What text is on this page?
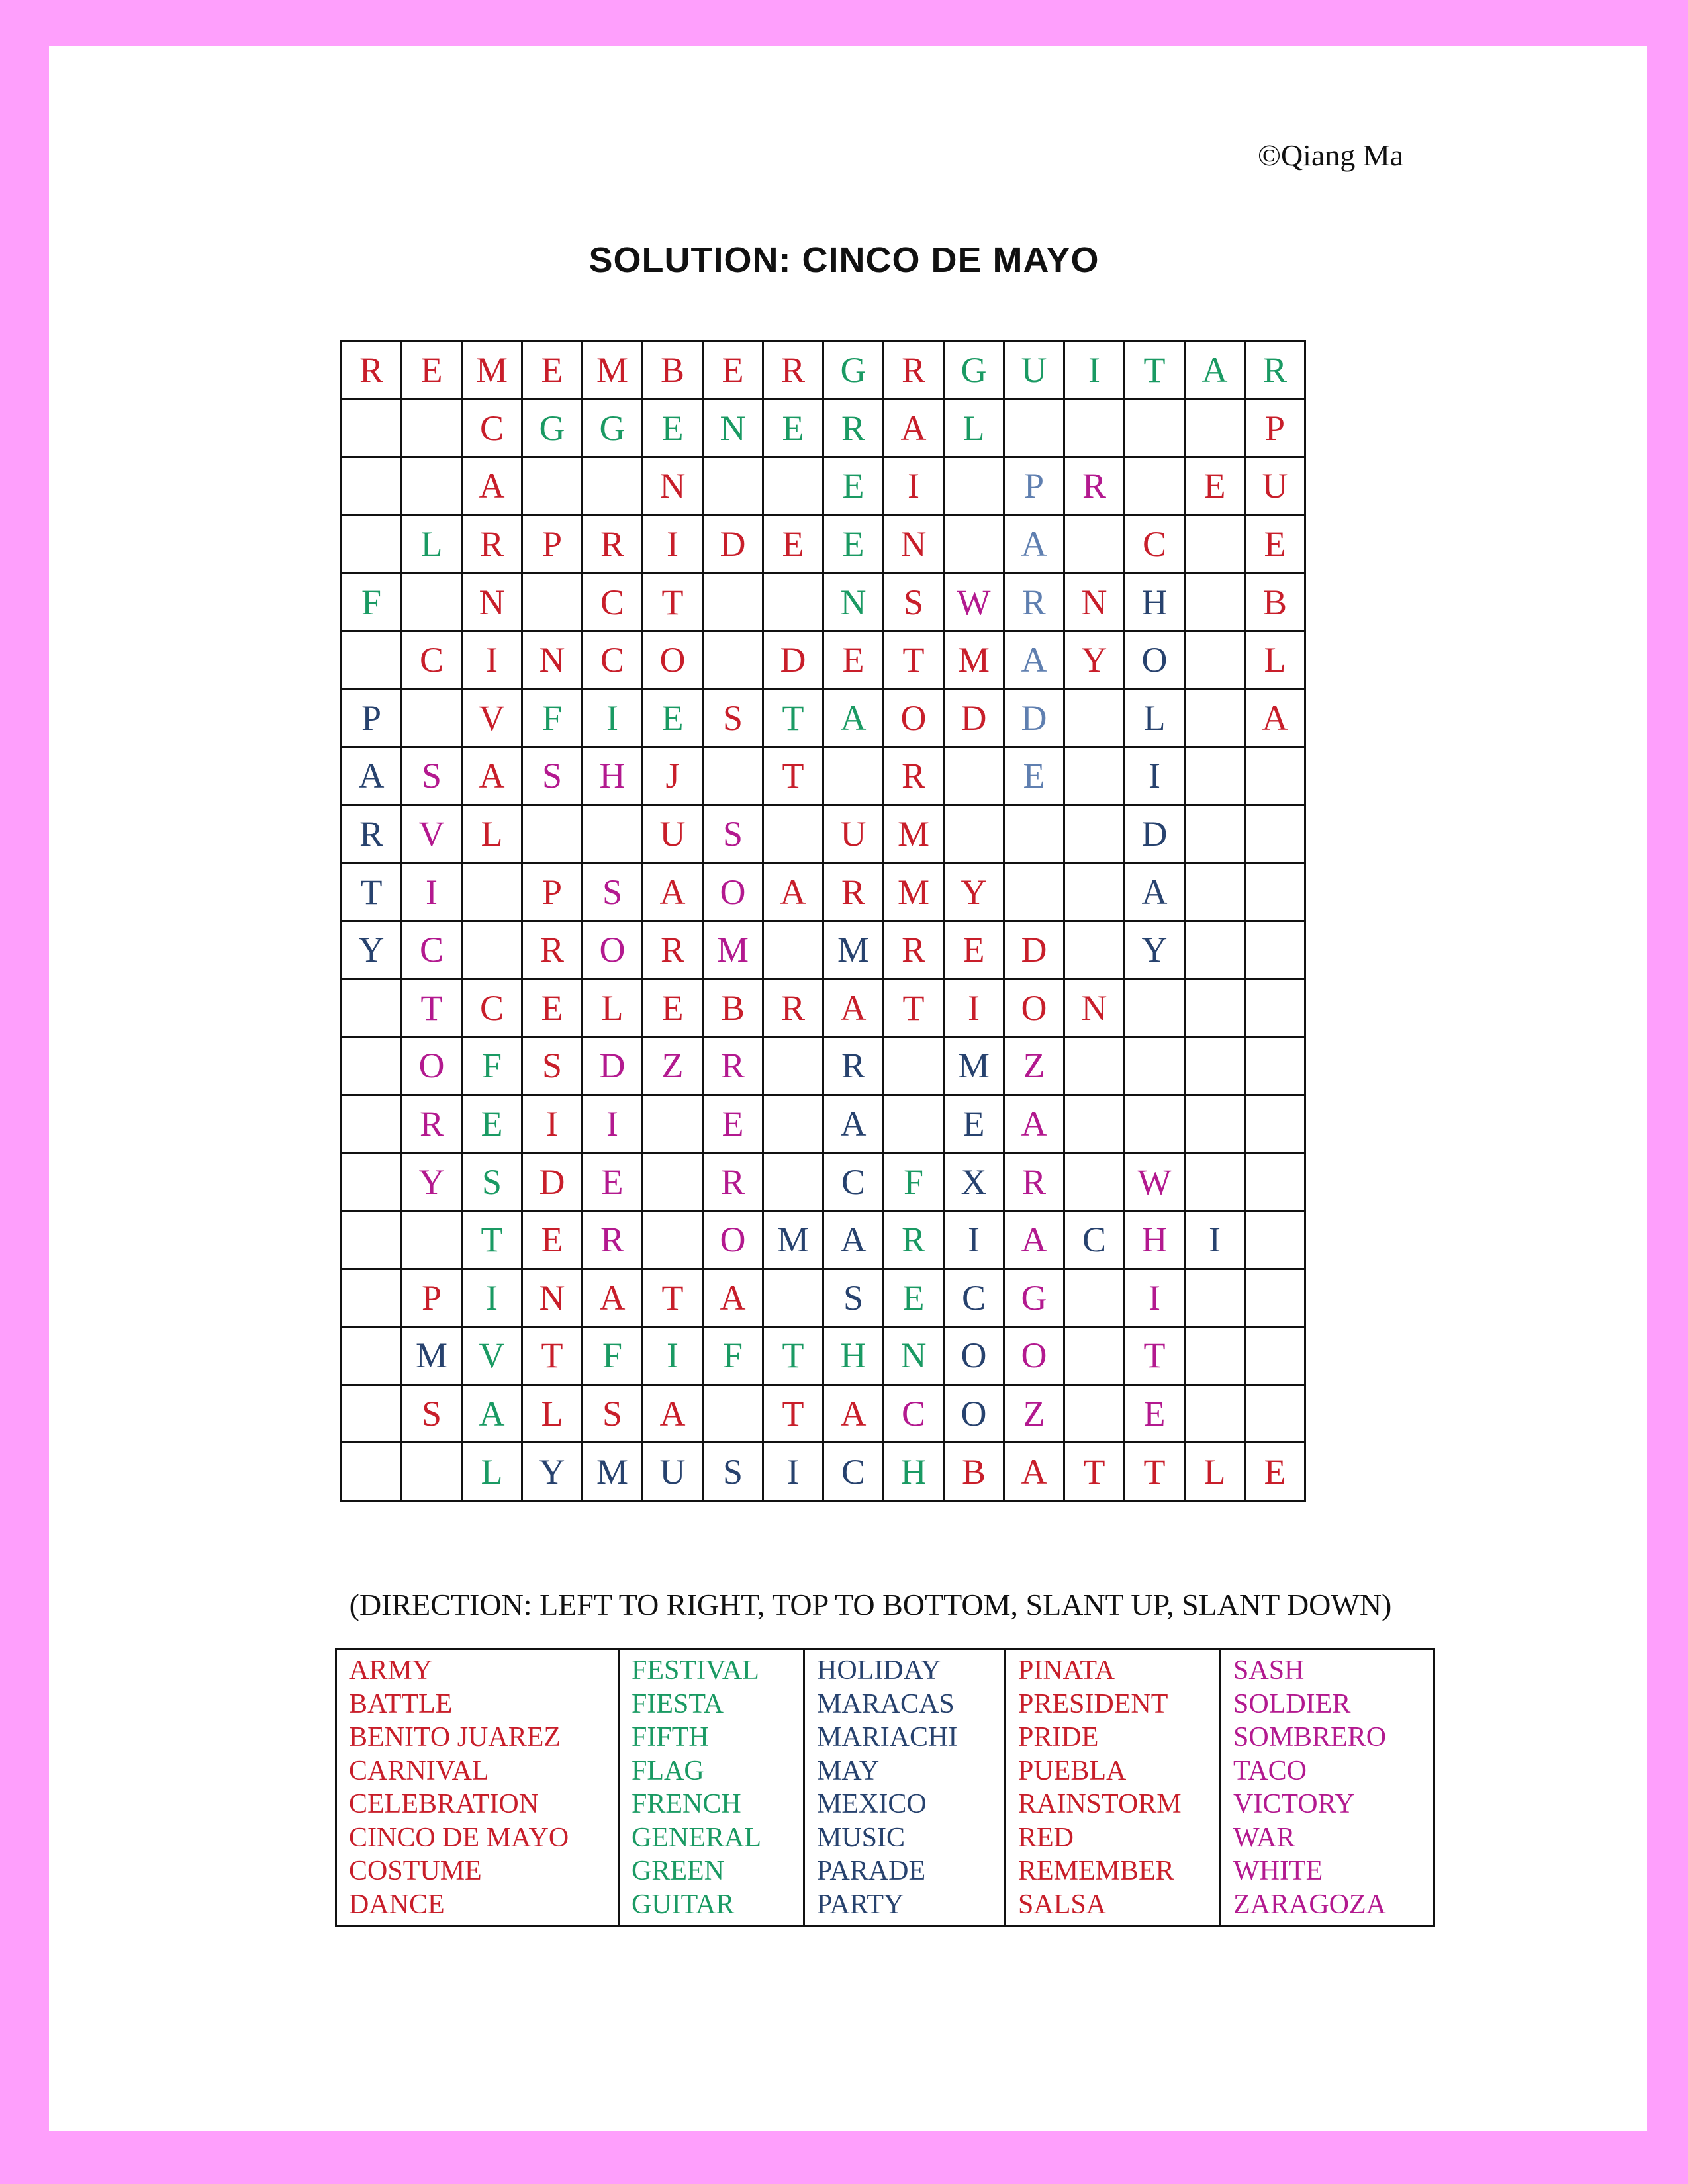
©Qiang Ma
SOLUTION: CINCO DE MAYO
R	E	M	E	M	B	E	R	G	R	G	U	I	T	A	R
		C	G	G	E	N	E	R	A	L					P
		A			N			E	I		P	R		E	U
	L	R	P	R	I	D	E	E	N		A		C		E
F		N		C	T			N	S	W	R	N	H		B
	C	I	N	C	O		D	E	T	M	A	Y	O		L
P		V	F	I	E	S	T	A	O	D	D		L		A
A	S	A	S	H	J		T		R		E		I		
R	V	L			U	S		U	M				D		
T	I		P	S	A	O	A	R	M	Y			A		
Y	C		R	O	R	M		M	R	E	D		Y		
	T	C	E	L	E	B	R	A	T	I	O	N			
	O	F	S	D	Z	R		R		M	Z				
	R	E	I	I		E		A		E	A				
	Y	S	D	E		R		C	F	X	R		W		
		T	E	R		O	M	A	R	I	A	C	H	I	
	P	I	N	A	T	A		S	E	C	G		I		
	M	V	T	F	I	F	T	H	N	O	O		T		
	S	A	L	S	A		T	A	C	O	Z		E		
		L	Y	M	U	S	I	C	H	B	A	T	T	L	E
(DIRECTION: LEFT TO RIGHT, TOP TO BOTTOM, SLANT UP, SLANT DOWN)
ARMY
BATTLE
BENITO JUAREZ
CARNIVAL
CELEBRATION
CINCO DE MAYO
COSTUME
DANCE

FESTIVAL
FIESTA
FIFTH
FLAG
FRENCH
GENERAL
GREEN
GUITAR

HOLIDAY
MARACAS
MARIACHI
MAY
MEXICO
MUSIC
PARADE
PARTY

PINATA
PRESIDENT
PRIDE
PUEBLA
RAINSTORM
RED
REMEMBER
SALSA

SASH
SOLDIER
SOMBRERO
TACO
VICTORY
WAR
WHITE
ZARAGOZA
